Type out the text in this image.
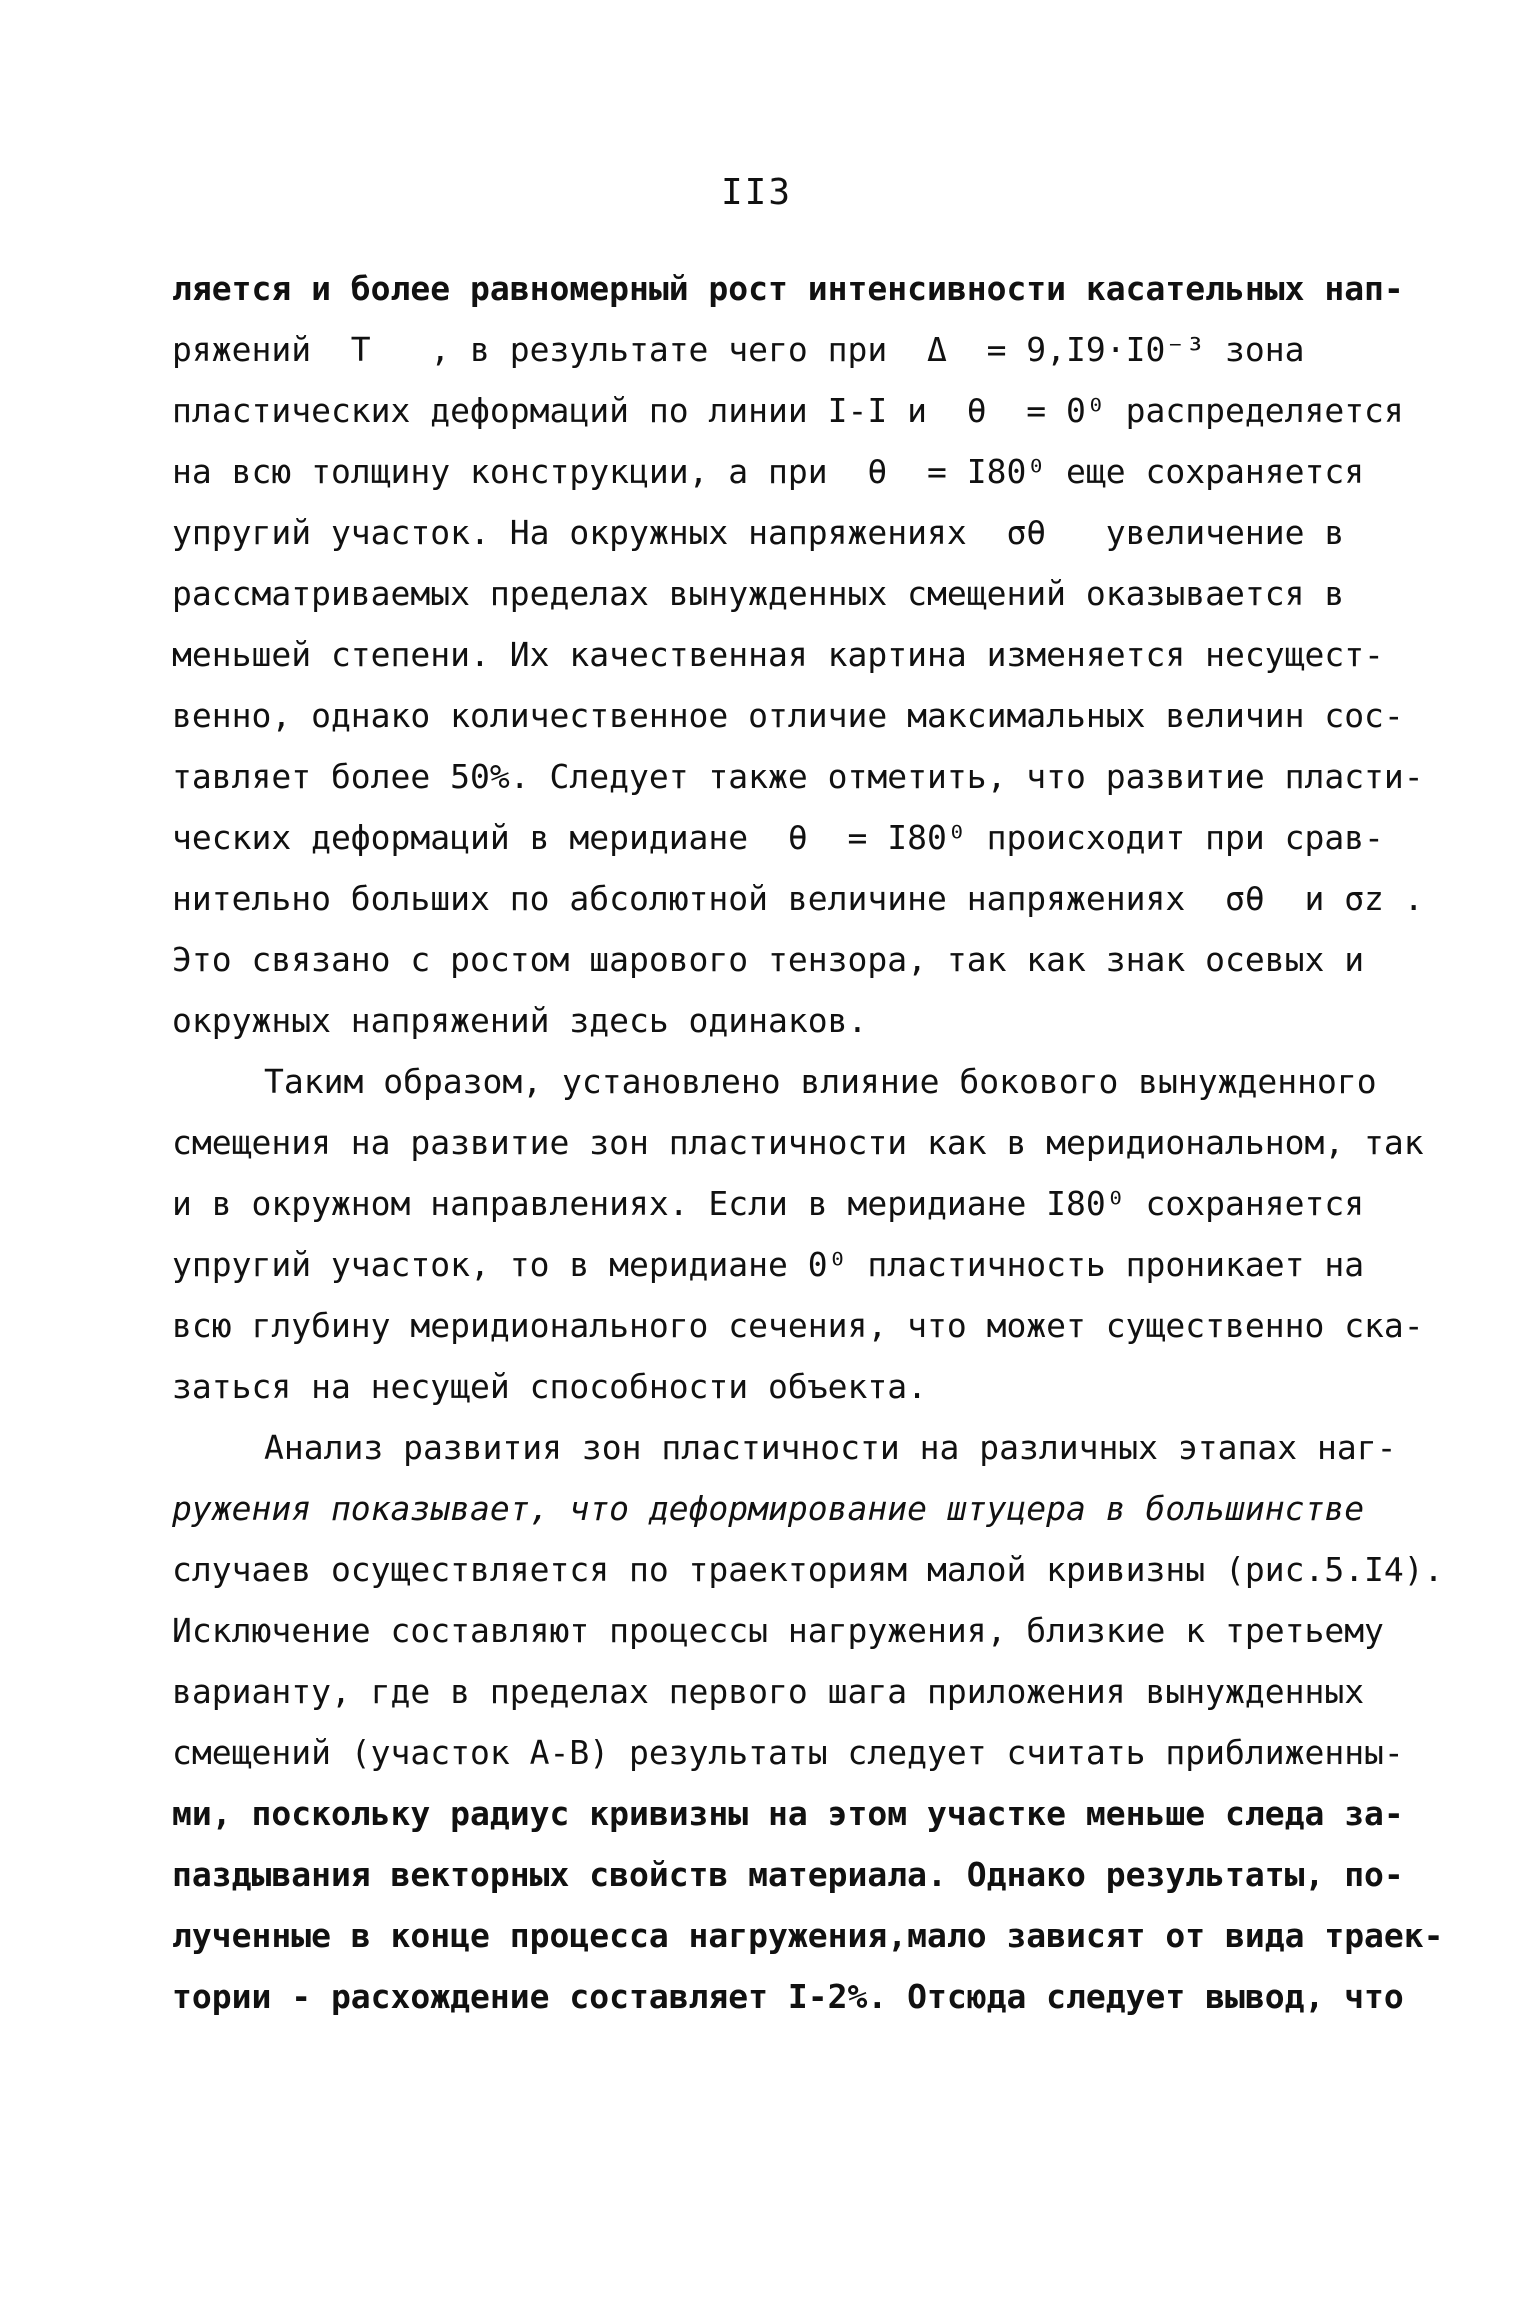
II3
ляется и более равномерный рост интенсивности касательных нап-
ряжений  T   , в результате чего при  Δ  = 9,I9·I0⁻³ зона
пластических деформаций по линии I-I и  θ  = 0⁰ распределяется
на всю толщину конструкции, а при  θ  = I80⁰ еще сохраняется
упругий участок. На окружных напряжениях  σθ   увеличение в
рассматриваемых пределах вынужденных смещений оказывается в
меньшей степени. Их качественная картина изменяется несущест-
венно, однако количественное отличие максимальных величин сос-
тавляет более 50%. Следует также отметить, что развитие пласти-
ческих деформаций в меридиане  θ  = I80⁰ происходит при срав-
нительно больших по абсолютной величине напряжениях  σθ  и σz .
Это связано с ростом шарового тензора, так как знак осевых и
окружных напряжений здесь одинаков.
Таким образом, установлено влияние бокового вынужденного
смещения на развитие зон пластичности как в меридиональном, так
и в окружном направлениях. Если в меридиане I80⁰ сохраняется
упругий участок, то в меридиане 0⁰ пластичность проникает на
всю глубину меридионального сечения, что может существенно ска-
заться на несущей способности объекта.
Анализ развития зон пластичности на различных этапах наг-
ружения показывает, что деформирование штуцера в большинстве
случаев осуществляется по траекториям малой кривизны (рис.5.I4).
Исключение составляют процессы нагружения, близкие к третьему
варианту, где в пределах первого шага приложения вынужденных
смещений (участок А-В) результаты следует считать приближенны-
ми, поскольку радиус кривизны на этом участке меньше следа за-
паздывания векторных свойств материала. Однако результаты, по-
лученные в конце процесса нагружения,мало зависят от вида траек-
тории - расхождение составляет I-2%. Отсюда следует вывод, что
